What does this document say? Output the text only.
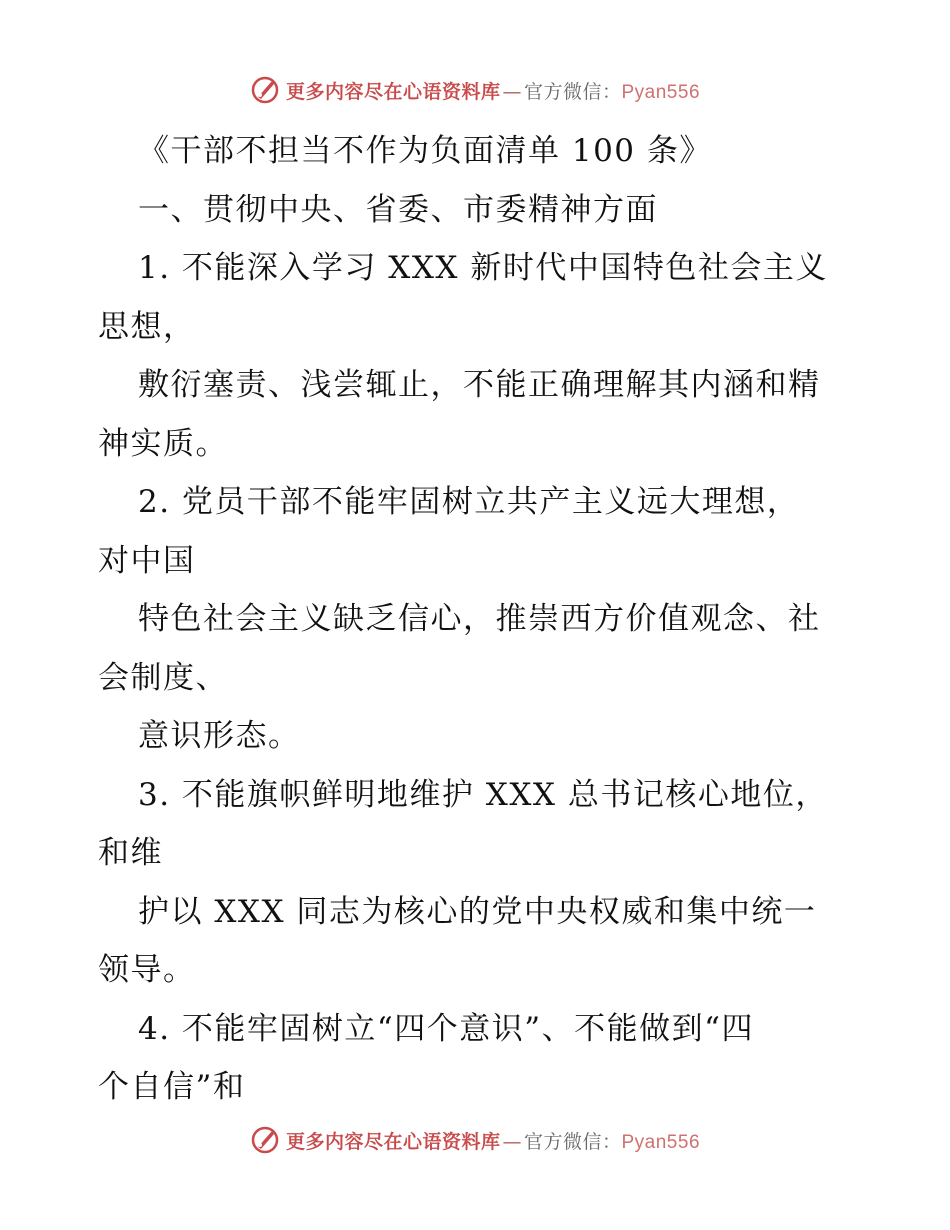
更多内容尽在心语资料库 — 官方微信： Pyan556
《干部不担当不作为负面清单 100 条》
一、贯彻中央、省委、市委精神方面
1. 不能深入学习 XXX 新时代中国特色社会主义
思想，
敷衍塞责、浅尝辄止，不能正确理解其内涵和精
神实质。
2. 党员干部不能牢固树立共产主义远大理想，
对中国
特色社会主义缺乏信心，推崇西方价值观念、社
会制度、
意识形态。
3. 不能旗帜鲜明地维护 XXX 总书记核心地位，
和维
护以 XXX 同志为核心的党中央权威和集中统一
领导。
4. 不能牢固树立“四个意识”、不能做到“四
个自信”和
更多内容尽在心语资料库 — 官方微信： Pyan556
